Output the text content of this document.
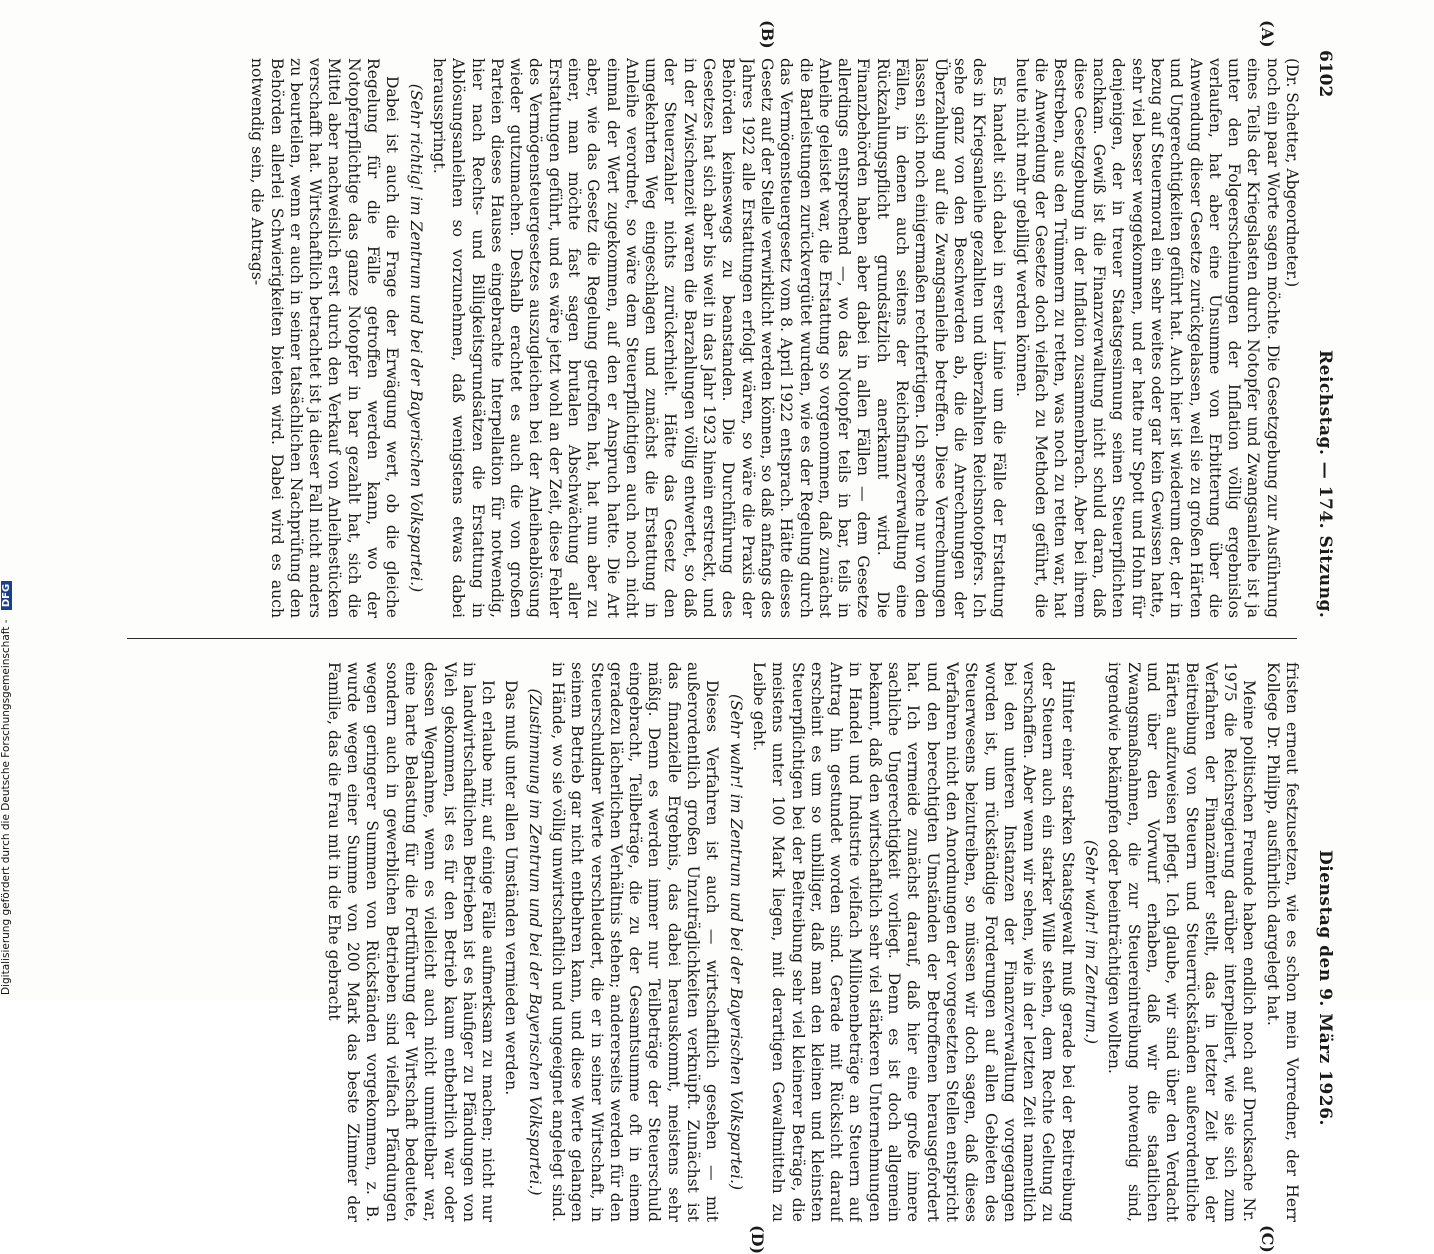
6102
Reichstag. — 174. Sitzung.
Dienstag den 9. März 1926.
(A)
(B)
(C)
(D)

(Dr. Schetter, Abgeordneter.)

noch ein paar Worte sagen möchte. Die Gesetzgebung zur Ausführung eines Teils der Kriegslasten durch Notopfer und Zwangsanleihe ist ja unter den Folgeerscheinungen der Inflation völlig ergebnislos verlaufen, hat aber eine Unsumme von Erbitterung über die Anwendung dieser Gesetze zurückgelassen, weil sie zu großen Härten und Ungerechtigkeiten geführt hat. Auch hier ist wiederum der, der in bezug auf Steuermoral ein sehr weites oder gar kein Gewissen hatte, sehr viel besser weggekommen, und er hatte nur Spott und Hohn für denjenigen, der in treuer Staatsgesinnung seinen Steuerpflichten nachkam. Gewiß ist die Finanzverwaltung nicht schuld daran, daß diese Gesetzgebung in der Inflation zusammenbrach. Aber bei ihrem Bestreben, aus den Trümmern zu retten, was noch zu retten war, hat die Anwendung der Gesetze doch vielfach zu Methoden geführt, die heute nicht mehr gebilligt werden können.

Es handelt sich dabei in erster Linie um die Fälle der Erstattung des in Kriegsanleihe gezahlten und überzahlten Reichsnotopfers. Ich sehe ganz von den Beschwerden ab, die die Anrechnungen der Überzahlung auf die Zwangsanleihe betreffen. Diese Verrechnungen lassen sich noch einigermaßen rechtfertigen. Ich spreche nur von den Fällen, in denen auch seitens der Reichsfinanzverwaltung eine Rückzahlungspflicht grundsätzlich anerkannt wird. Die Finanzbehörden haben aber dabei in allen Fällen — dem Gesetze allerdings entsprechend —, wo das Notopfer teils in bar, teils in Anleihe geleistet war, die Erstattung so vorgenommen, daß zunächst die Barleistungen zurückvergütet wurden, wie es der Regelung durch das Vermögensteuergesetz vom 8. April 1922 entsprach. Hätte dieses Gesetz auf der Stelle verwirklicht werden können, so daß anfangs des Jahres 1922 alle Erstattungen erfolgt wären, so wäre die Praxis der Behörden keineswegs zu beanstanden. Die Durchführung des Gesetzes hat sich aber bis weit in das Jahr 1923 hinein erstreckt, und in der Zwischenzeit waren die Barzahlungen völlig entwertet, so daß der Steuerzahler nichts zurückerhielt. Hätte das Gesetz den umgekehrten Weg eingeschlagen und zunächst die Erstattung in Anleihe verordnet, so wäre dem Steuerpflichtigen auch noch nicht einmal der Wert zugekommen, auf den er Anspruch hatte. Die Art aber, wie das Gesetz die Regelung getroffen hat, hat nun aber zu einer, man möchte fast sagen brutalen Abschwächung aller Erstattungen geführt, und es wäre jetzt wohl an der Zeit, diese Fehler des Vermögensteuergesetzes auszugleichen bei der Anleiheablösung wieder gutzumachen. Deshalb erachtet es auch die von großen Parteien dieses Hauses eingebrachte Interpellation für notwendig, hier nach Rechts- und Billigkeitsgrundsätzen die Erstattung in Ablösungsanleihen so vorzunehmen, daß wenigstens etwas dabei herausspringt.

(Sehr richtig! im Zentrum und bei der Bayerischen Volkspartei.)

Dabei ist auch die Frage der Erwägung wert, ob die gleiche Regelung für die Fälle getroffen werden kann, wo der Notopferpflichtige das ganze Notopfer in bar gezahlt hat, sich die Mittel aber nachweislich erst durch den Verkauf von Anleihestücken verschafft hat. Wirtschaftlich betrachtet ist ja dieser Fall nicht anders zu beurteilen, wenn er auch in seiner tatsächlichen Nachprüfung den Behörden allerlei Schwierigkeiten bieten wird. Dabei wird es auch notwendig sein, die Antrags-

fristen erneut festzusetzen, wie es schon mein Vorredner, der Herr Kollege Dr. Philipp, ausführlich dargelegt hat.

Meine politischen Freunde haben endlich noch auf Drucksache Nr. 1975 die Reichsregierung darüber interpelliert, wie sie sich zum Verfahren der Finanzämter stellt, das in letzter Zeit bei der Beitreibung von Steuern und Steuerrückständen außerordentliche Härten aufzuweisen pflegt. Ich glaube, wir sind über den Verdacht und über den Vorwurf erhaben, daß wir die staatlichen Zwangsmaßnahmen, die zur Steuereintreibung notwendig sind, irgendwie bekämpfen oder beeinträchtigen wollten.

(Sehr wahr! im Zentrum.)

Hinter einer starken Staatsgewalt muß gerade bei der Beitreibung der Steuern auch ein starker Wille stehen, dem Rechte Geltung zu verschaffen. Aber wenn wir sehen, wie in der letzten Zeit namentlich bei den unteren Instanzen der Finanzverwaltung vorgegangen worden ist, um rückständige Forderungen auf allen Gebieten des Steuerwesens beizutreiben, so müssen wir doch sagen, daß dieses Verfahren nicht den Anordnungen der vorgesetzten Stellen entspricht und den berechtigten Umständen der Betroffenen herausgefordert hat. Ich vermeide zunächst darauf, daß hier eine große innere sachliche Ungerechtigkeit vorliegt. Denn es ist doch allgemein bekannt, daß den wirtschaftlich sehr viel stärkeren Unternehmungen in Handel und Industrie vielfach Millionenbeträge an Steuern auf Antrag hin gestundet worden sind. Gerade mit Rücksicht darauf erscheint es um so unbilliger, daß man den kleinen und kleinsten Steuerpflichtigen bei der Beitreibung sehr viel kleinerer Beträge, die meistens unter 100 Mark liegen, mit derartigen Gewaltmitteln zu Leibe geht.

(Sehr wahr! im Zentrum und bei der Bayerischen Volkspartei.)

Dieses Verfahren ist auch — wirtschaftlich gesehen — mit außerordentlich großen Unzuträglichkeiten verknüpft. Zunächst ist das finanzielle Ergebnis, das dabei herauskommt, meistens sehr mäßig. Denn es werden immer nur Teilbeträge der Steuerschuld eingebracht, Teilbeträge, die zu der Gesamtsumme oft in einem geradezu lächerlichen Verhältnis stehen; andererseits werden für den Steuerschuldner Werte verschleudert, die er in seiner Wirtschaft, in seinem Betrieb gar nicht entbehren kann, und diese Werte gelangen in Hände, wo sie völlig unwirtschaftlich und ungeeignet angelegt sind.

(Zustimmung im Zentrum und bei der Bayerischen Volkspartei.)

Das muß unter allen Umständen vermieden werden.

Ich erlaube mir, auf einige Fälle aufmerksam zu machen; nicht nur in landwirtschaftlichen Betrieben ist es häufiger zu Pfändungen von Vieh gekommen, ist es für den Betrieb kaum entbehrlich war oder dessen Wegnahme, wenn es vielleicht auch nicht unmittelbar war, eine harte Belastung für die Fortführung der Wirtschaft bedeutete, sondern auch in gewerblichen Betrieben sind vielfach Pfändungen wegen geringerer Summen von Rückständen vorgekommen, z. B. wurde wegen einer Summe von 200 Mark das beste Zimmer der Familie, das die Frau mit in die Ehe gebracht

Digitalisierung gefördert durch die Deutsche Forschungsgemeinschaft - DFG
